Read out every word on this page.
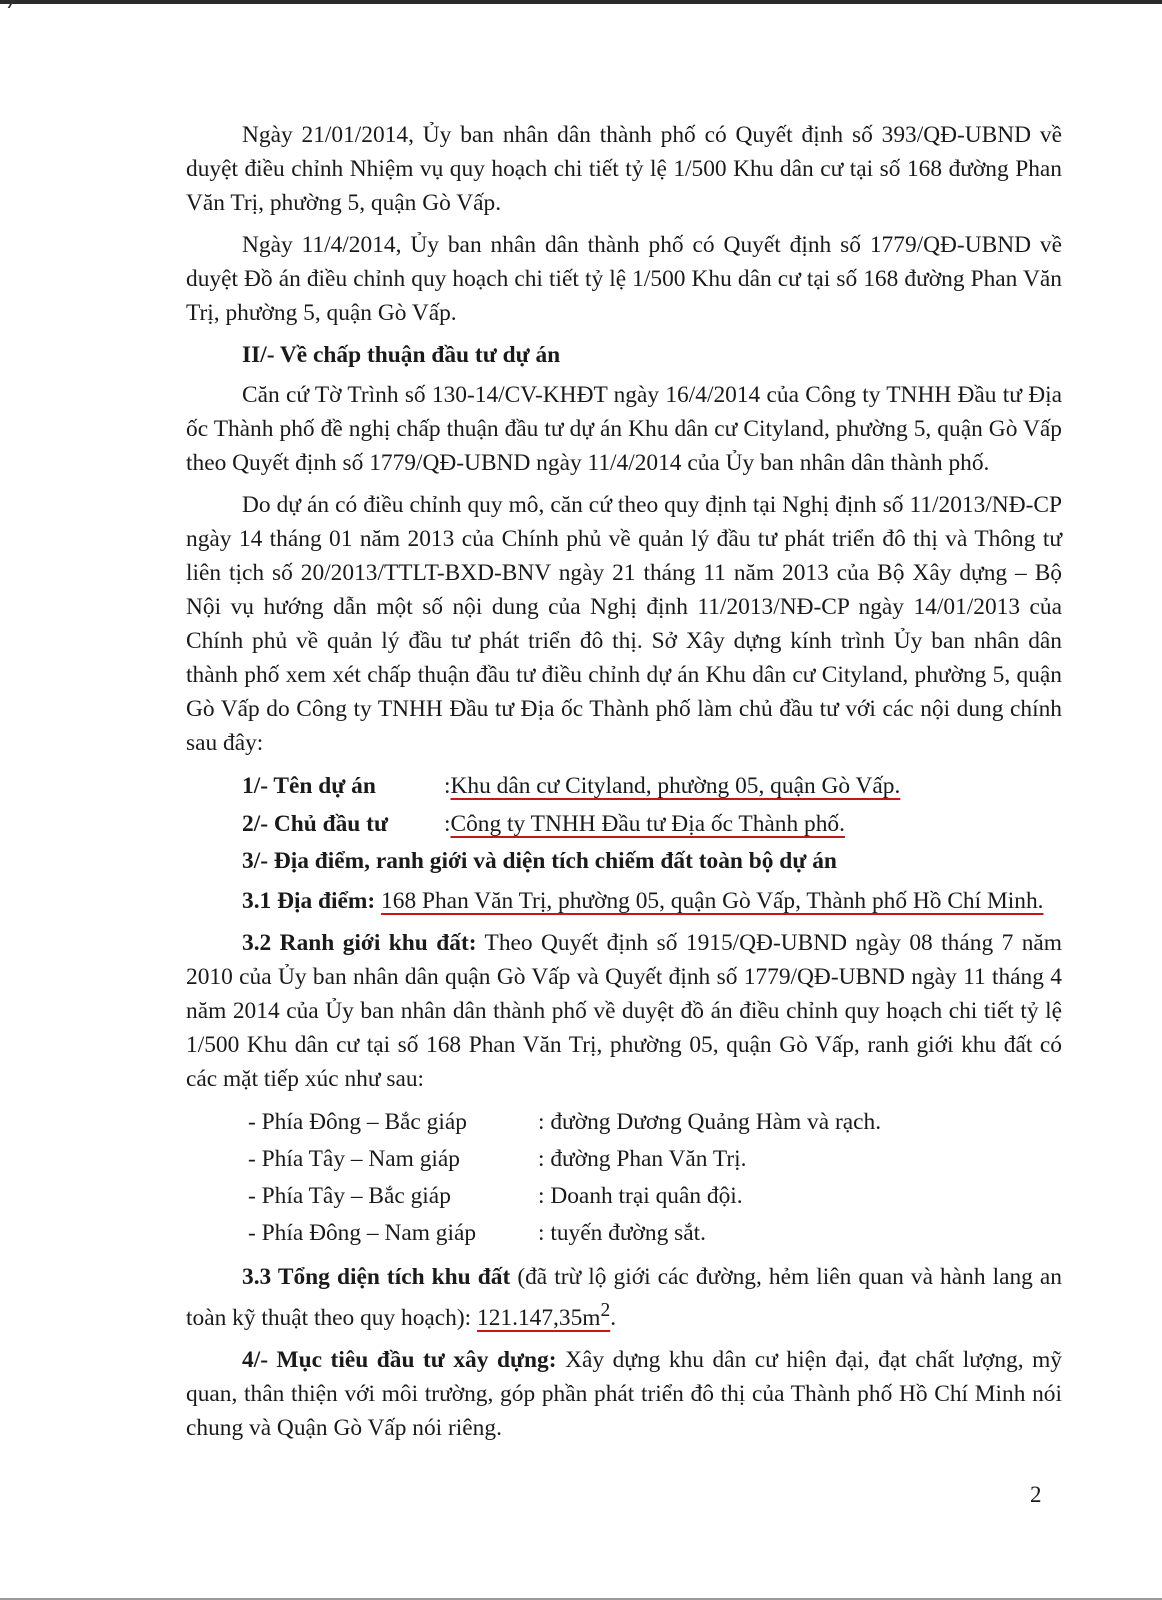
Ngày 21/01/2014, Ủy ban nhân dân thành phố có Quyết định số 393/QĐ-UBND về duyệt điều chỉnh Nhiệm vụ quy hoạch chi tiết tỷ lệ 1/500 Khu dân cư tại số 168 đường Phan Văn Trị, phường 5, quận Gò Vấp.

Ngày 11/4/2014, Ủy ban nhân dân thành phố có Quyết định số 1779/QĐ-UBND về duyệt Đồ án điều chỉnh quy hoạch chi tiết tỷ lệ 1/500 Khu dân cư tại số 168 đường Phan Văn Trị, phường 5, quận Gò Vấp.

II/- Về chấp thuận đầu tư dự án

Căn cứ Tờ Trình số 130-14/CV-KHĐT ngày 16/4/2014 của Công ty TNHH Đầu tư Địa ốc Thành phố đề nghị chấp thuận đầu tư dự án Khu dân cư Cityland, phường 5, quận Gò Vấp theo Quyết định số 1779/QĐ-UBND ngày 11/4/2014 của Ủy ban nhân dân thành phố.

Do dự án có điều chỉnh quy mô, căn cứ theo quy định tại Nghị định số 11/2013/NĐ-CP ngày 14 tháng 01 năm 2013 của Chính phủ về quản lý đầu tư phát triển đô thị và Thông tư liên tịch số 20/2013/TTLT-BXD-BNV ngày 21 tháng 11 năm 2013 của Bộ Xây dựng – Bộ Nội vụ hướng dẫn một số nội dung của Nghị định 11/2013/NĐ-CP ngày 14/01/2013 của Chính phủ về quản lý đầu tư phát triển đô thị. Sở Xây dựng kính trình Ủy ban nhân dân thành phố xem xét chấp thuận đầu tư điều chỉnh dự án Khu dân cư Cityland, phường 5, quận Gò Vấp do Công ty TNHH Đầu tư Địa ốc Thành phố làm chủ đầu tư với các nội dung chính sau đây:

1/- Tên dự án	: Khu dân cư Cityland, phường 05, quận Gò Vấp.
2/- Chủ đầu tư	: Công ty TNHH Đầu tư Địa ốc Thành phố.

3/- Địa điểm, ranh giới và diện tích chiếm đất toàn bộ dự án

3.1 Địa điểm: 168 Phan Văn Trị, phường 05, quận Gò Vấp, Thành phố Hồ Chí Minh.

3.2 Ranh giới khu đất: Theo Quyết định số 1915/QĐ-UBND ngày 08 tháng 7 năm 2010 của Ủy ban nhân dân quận Gò Vấp và Quyết định số 1779/QĐ-UBND ngày 11 tháng 4 năm 2014 của Ủy ban nhân dân thành phố về duyệt đồ án điều chỉnh quy hoạch chi tiết tỷ lệ 1/500 Khu dân cư tại số 168 Phan Văn Trị, phường 05, quận Gò Vấp, ranh giới khu đất có các mặt tiếp xúc như sau:

- Phía Đông – Bắc giáp	: đường Dương Quảng Hàm và rạch.
- Phía Tây – Nam giáp	: đường Phan Văn Trị.
- Phía Tây – Bắc giáp	: Doanh trại quân đội.
- Phía Đông – Nam giáp	: tuyến đường sắt.

3.3 Tổng diện tích khu đất (đã trừ lộ giới các đường, hẻm liên quan và hành lang an toàn kỹ thuật theo quy hoạch): $121.147,35m^2$.

4/- Mục tiêu đầu tư xây dựng: Xây dựng khu dân cư hiện đại, đạt chất lượng, mỹ quan, thân thiện với môi trường, góp phần phát triển đô thị của Thành phố Hồ Chí Minh nói chung và Quận Gò Vấp nói riêng.

2
